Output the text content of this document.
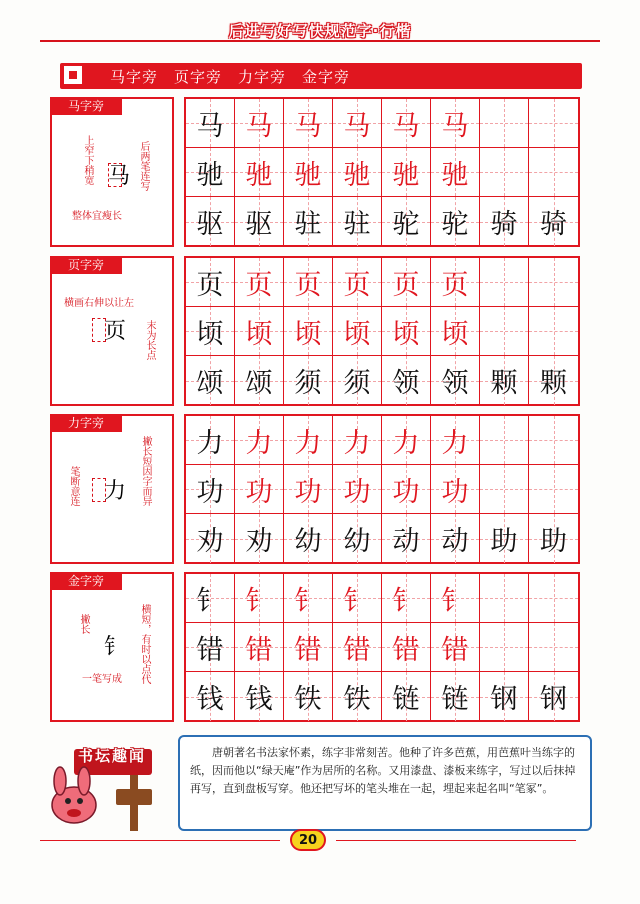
后进写好写快规范字·行楷
马字旁　页字旁　力字旁　金字旁
马字旁
上窄下稍宽 马 后两笔连写
整体宜瘦长
马 马 马 马 马 马
驰 驰 驰 驰 驰 驰
驱 驱 驻 驻 驼 驼 骑 骑
页字旁
横画右伸以让左
页 末为长点
页 页 页 页 页 页
顷 顷 顷 顷 顷 顷
颂 颂 须 须 领 领 颗 颗
力字旁
笔断意连 力 撇长短因字而异 力 力 力 力 力 力
功 功 功 功 功 功
劝 劝 幼 幼 动 动 助 助
金字旁
撇长
钅	横短，有时以点代
一笔写成
钅 钅 钅 钅 钅 钅
错 错 错 错 错 错
钱 钱 铁 铁 链 链 钢 钢
书坛趣闻	唐朝著名书法家怀素，练字非常刻苦。他种了许多芭蕉，用芭蕉叶当练字的纸，因而他以“绿天庵”作为居所的名称。又用漆盘、漆板来练字，写过以后抹掉再写，直到盘板写穿。他还把写坏的笔头堆在一起，埋起来起名叫“笔冢”。
20
